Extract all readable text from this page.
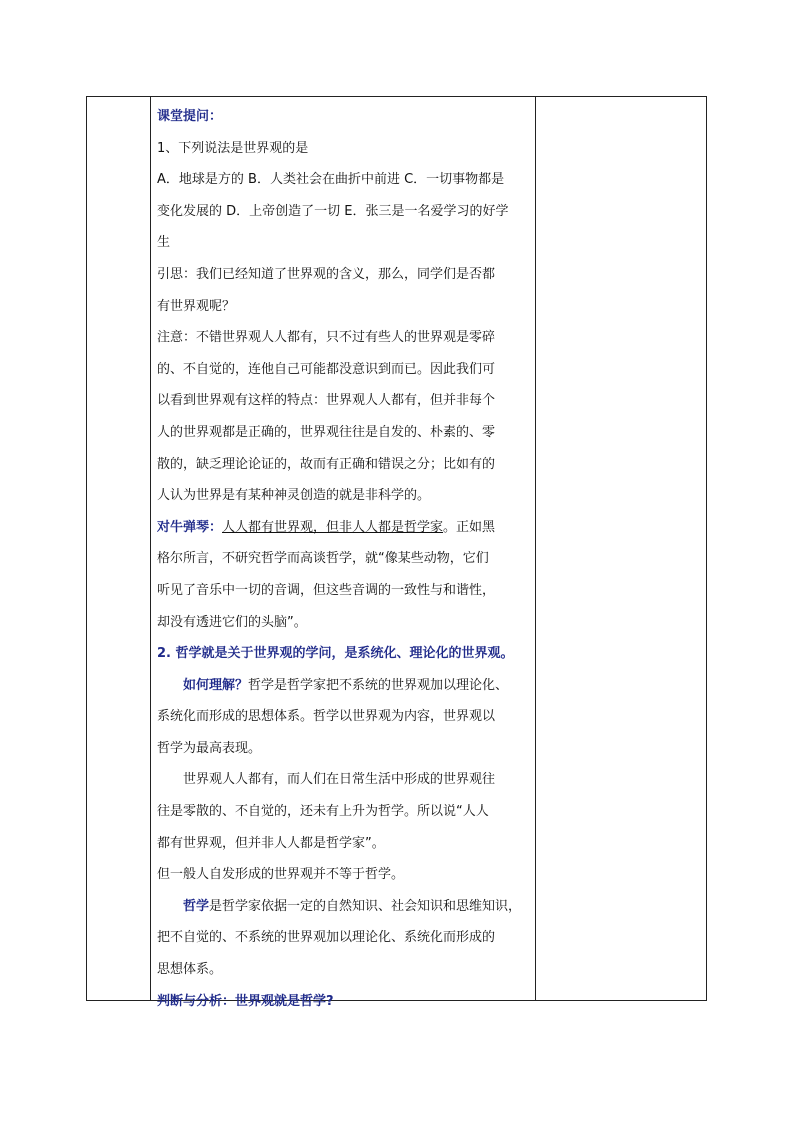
课堂提问：
1、下列说法是世界观的是
A．地球是方的 B．人类社会在曲折中前进 C．一切事物都是
变化发展的 D．上帝创造了一切 E．张三是一名爱学习的好学
生
引思：我们已经知道了世界观的含义，那么，同学们是否都
有世界观呢？
注意：不错世界观人人都有，只不过有些人的世界观是零碎
的、不自觉的，连他自己可能都没意识到而已。因此我们可
以看到世界观有这样的特点：世界观人人都有，但并非每个
人的世界观都是正确的，世界观往往是自发的、朴素的、零
散的，缺乏理论论证的，故而有正确和错误之分；比如有的
人认为世界是有某种神灵创造的就是非科学的。
对牛弹琴：人人都有世界观，但非人人都是哲学家。正如黑
格尔所言，不研究哲学而高谈哲学，就“像某些动物，它们
听见了音乐中一切的音调，但这些音调的一致性与和谐性，
却没有透进它们的头脑”。
2. 哲学就是关于世界观的学问，是系统化、理论化的世界观。
如何理解？哲学是哲学家把不系统的世界观加以理论化、
系统化而形成的思想体系。哲学以世界观为内容，世界观以
哲学为最高表现。
世界观人人都有，而人们在日常生活中形成的世界观往
往是零散的、不自觉的，还未有上升为哲学。所以说“人人
都有世界观，但并非人人都是哲学家”。
但一般人自发形成的世界观并不等于哲学。
哲学是哲学家依据一定的自然知识、社会知识和思维知识，
把不自觉的、不系统的世界观加以理论化、系统化而形成的
思想体系。
判断与分析：世界观就是哲学?
